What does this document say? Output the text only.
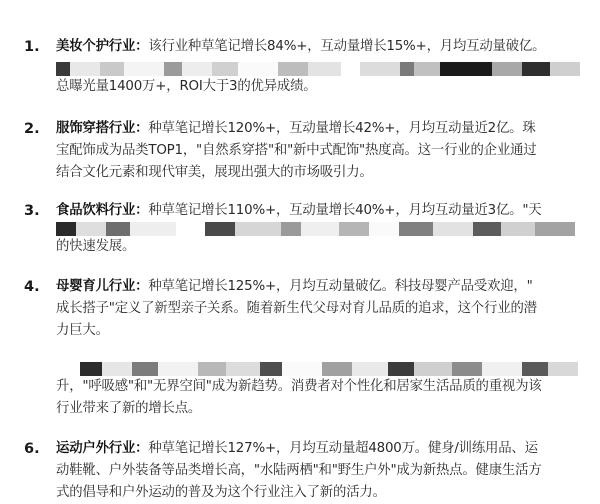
1. 美妆个护行业：该行业种草笔记增长84%+，互动量增长15%+，月均互动量破亿。
总曝光量1400万+，ROI大于3的优异成绩。
2. 服饰穿搭行业：种草笔记增长120%+，互动量增长42%+，月均互动量近2亿。珠
宝配饰成为品类TOP1，"自然系穿搭"和"新中式配饰"热度高。这一行业的企业通过
结合文化元素和现代审美，展现出强大的市场吸引力。
3. 食品饮料行业：种草笔记增长110%+，互动量增长40%+，月均互动量近3亿。"天
的快速发展。
4. 母婴育儿行业：种草笔记增长125%+，月均互动量破亿。科技母婴产品受欢迎，"
成长搭子"定义了新型亲子关系。随着新生代父母对育儿品质的追求，这个行业的潜
力巨大。
升，"呼吸感"和"无界空间"成为新趋势。消费者对个性化和居家生活品质的重视为该
行业带来了新的增长点。
6. 运动户外行业：种草笔记增长127%+，月均互动量超4800万。健身/训练用品、运
动鞋靴、户外装备等品类增长高，"水陆两栖"和"野生户外"成为新热点。健康生活方
式的倡导和户外运动的普及为这个行业注入了新的活力。
